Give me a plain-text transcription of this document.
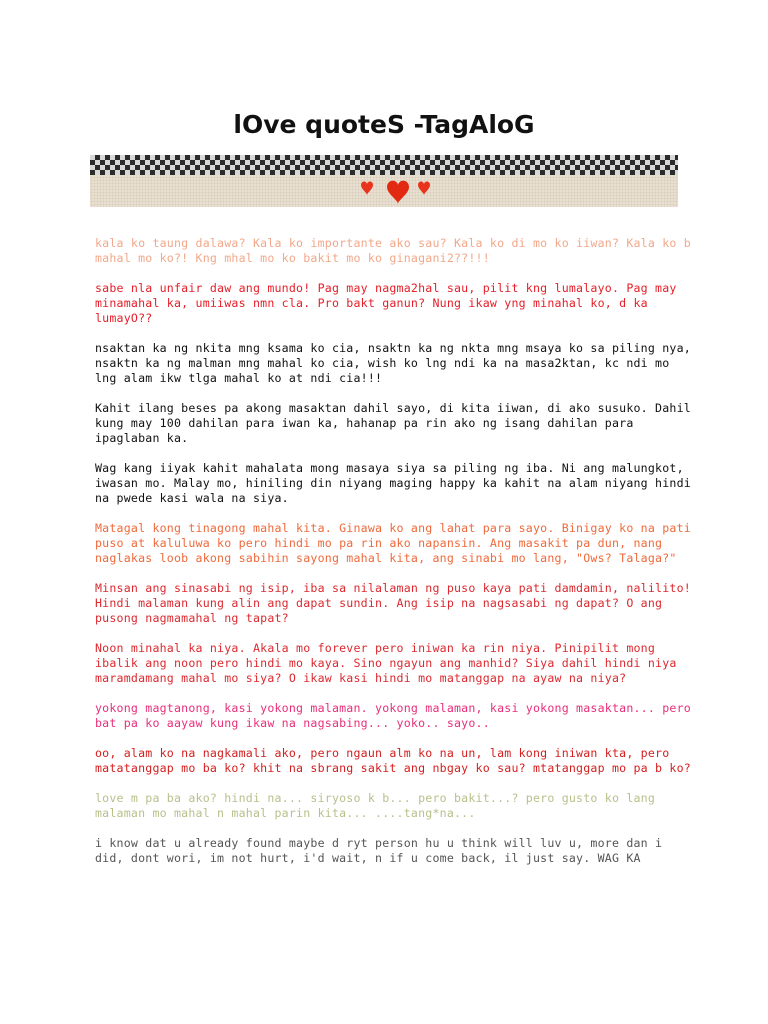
lOve quoteS -TagAloG

kala ko taung dalawa? Kala ko importante ako sau? Kala ko di mo ko iiwan? Kala ko b mahal mo ko?! Kng mhal mo ko bakit mo ko ginagani2??!!!

sabe nla unfair daw ang mundo! Pag may nagma2hal sau, pilit kng lumalayo. Pag may minamahal ka, umiiwas nmn cla. Pro bakt ganun? Nung ikaw yng minahal ko, d ka lumayO??

nsaktan ka ng nkita mng ksama ko cia, nsaktn ka ng nkta mng msaya ko sa piling nya, nsaktn ka ng malman mng mahal ko cia, wish ko lng ndi ka na masa2ktan, kc ndi mo lng alam ikw tlga mahal ko at ndi cia!!!

Kahit ilang beses pa akong masaktan dahil sayo, di kita iiwan, di ako susuko. Dahil kung may 100 dahilan para iwan ka, hahanap pa rin ako ng isang dahilan para ipaglaban ka.

Wag kang iiyak kahit mahalata mong masaya siya sa piling ng iba. Ni ang malungkot, iwasan mo. Malay mo, hiniling din niyang maging happy ka kahit na alam niyang hindi na pwede kasi wala na siya.

Matagal kong tinagong mahal kita. Ginawa ko ang lahat para sayo. Binigay ko na pati puso at kaluluwa ko pero hindi mo pa rin ako napansin. Ang masakit pa dun, nang naglakas loob akong sabihin sayong mahal kita, ang sinabi mo lang, "Ows? Talaga?"

Minsan ang sinasabi ng isip, iba sa nilalaman ng puso kaya pati damdamin, nalilito! Hindi malaman kung alin ang dapat sundin. Ang isip na nagsasabi ng dapat? O ang pusong nagmamahal ng tapat?

Noon minahal ka niya. Akala mo forever pero iniwan ka rin niya. Pinipilit mong ibalik ang noon pero hindi mo kaya. Sino ngayun ang manhid? Siya dahil hindi niya maramdamang mahal mo siya? O ikaw kasi hindi mo matanggap na ayaw na niya?

yokong magtanong, kasi yokong malaman. yokong malaman, kasi yokong masaktan... pero bat pa ko aayaw kung ikaw na nagsabing... yoko.. sayo..

oo, alam ko na nagkamali ako, pero ngaun alm ko na un, lam kong iniwan kta, pero matatanggap mo ba ko? khit na sbrang sakit ang nbgay ko sau? mtatanggap mo pa b ko?

love m pa ba ako? hindi na... siryoso k b... pero bakit...? pero gusto ko lang malaman mo mahal n mahal parin kita... ....tang*na...

i know dat u already found maybe d ryt person hu u think will luv u, more dan i did, dont wori, im not hurt, i'd wait, n if u come back, il just say. WAG KA
